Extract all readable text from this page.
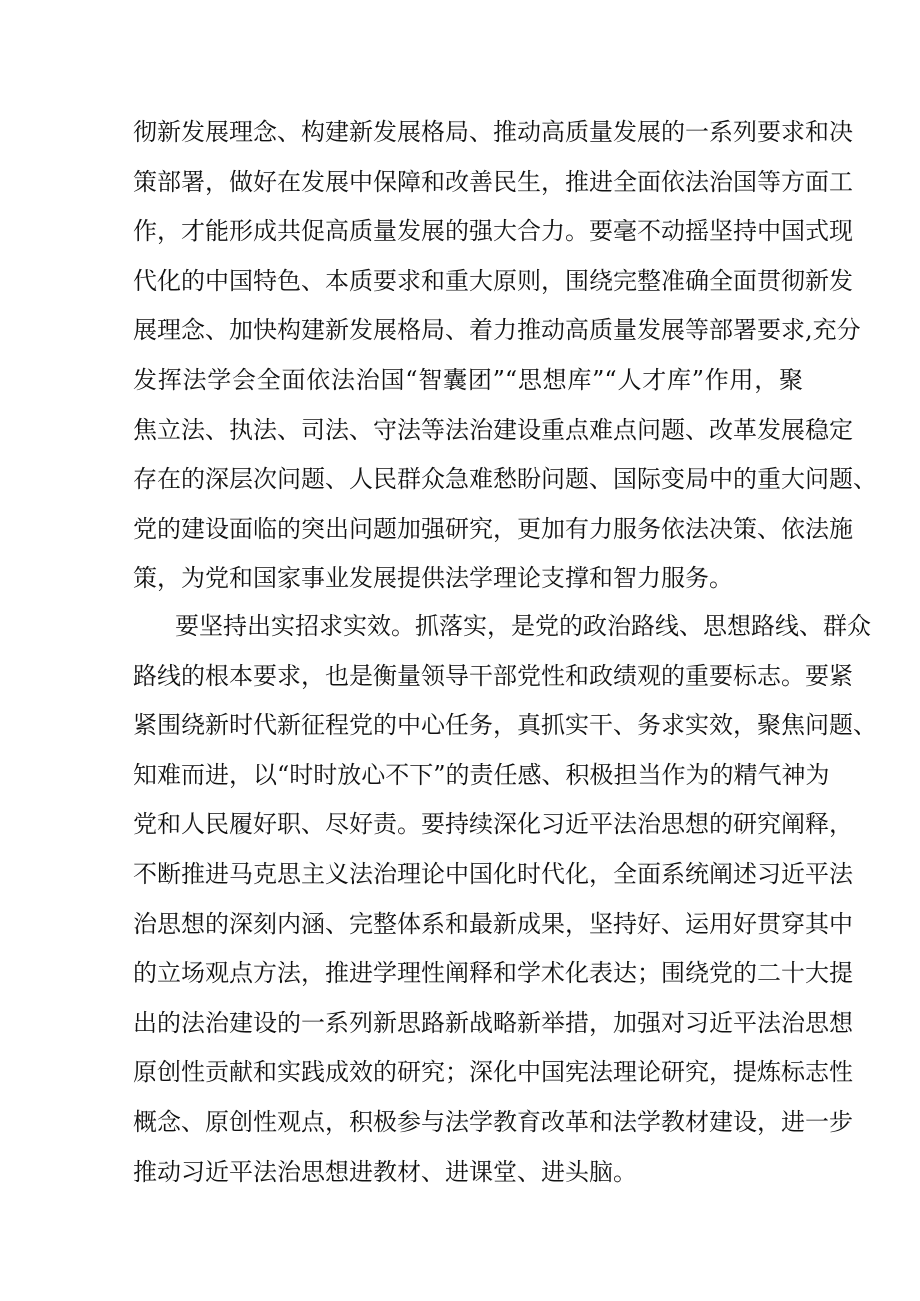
彻新发展理念、构建新发展格局、推动高质量发展的一系列要求和决
策部署，做好在发展中保障和改善民生，推进全面依法治国等方面工
作，才能形成共促高质量发展的强大合力。要毫不动摇坚持中国式现
代化的中国特色、本质要求和重大原则，围绕完整准确全面贯彻新发
展理念、加快构建新发展格局、着力推动高质量发展等部署要求,充分
发挥法学会全面依法治国“智囊团”“思想库”“人才库”作用，聚
焦立法、执法、司法、守法等法治建设重点难点问题、改革发展稳定
存在的深层次问题、人民群众急难愁盼问题、国际变局中的重大问题、
党的建设面临的突出问题加强研究，更加有力服务依法决策、依法施
策，为党和国家事业发展提供法学理论支撑和智力服务。
要坚持出实招求实效。抓落实，是党的政治路线、思想路线、群众
路线的根本要求，也是衡量领导干部党性和政绩观的重要标志。要紧
紧围绕新时代新征程党的中心任务，真抓实干、务求实效，聚焦问题、
知难而进，以“时时放心不下”的责任感、积极担当作为的精气神为
党和人民履好职、尽好责。要持续深化习近平法治思想的研究阐释，
不断推进马克思主义法治理论中国化时代化，全面系统阐述习近平法
治思想的深刻内涵、完整体系和最新成果，坚持好、运用好贯穿其中
的立场观点方法，推进学理性阐释和学术化表达；围绕党的二十大提
出的法治建设的一系列新思路新战略新举措，加强对习近平法治思想
原创性贡献和实践成效的研究；深化中国宪法理论研究，提炼标志性
概念、原创性观点，积极参与法学教育改革和法学教材建设，进一步
推动习近平法治思想进教材、进课堂、进头脑。
